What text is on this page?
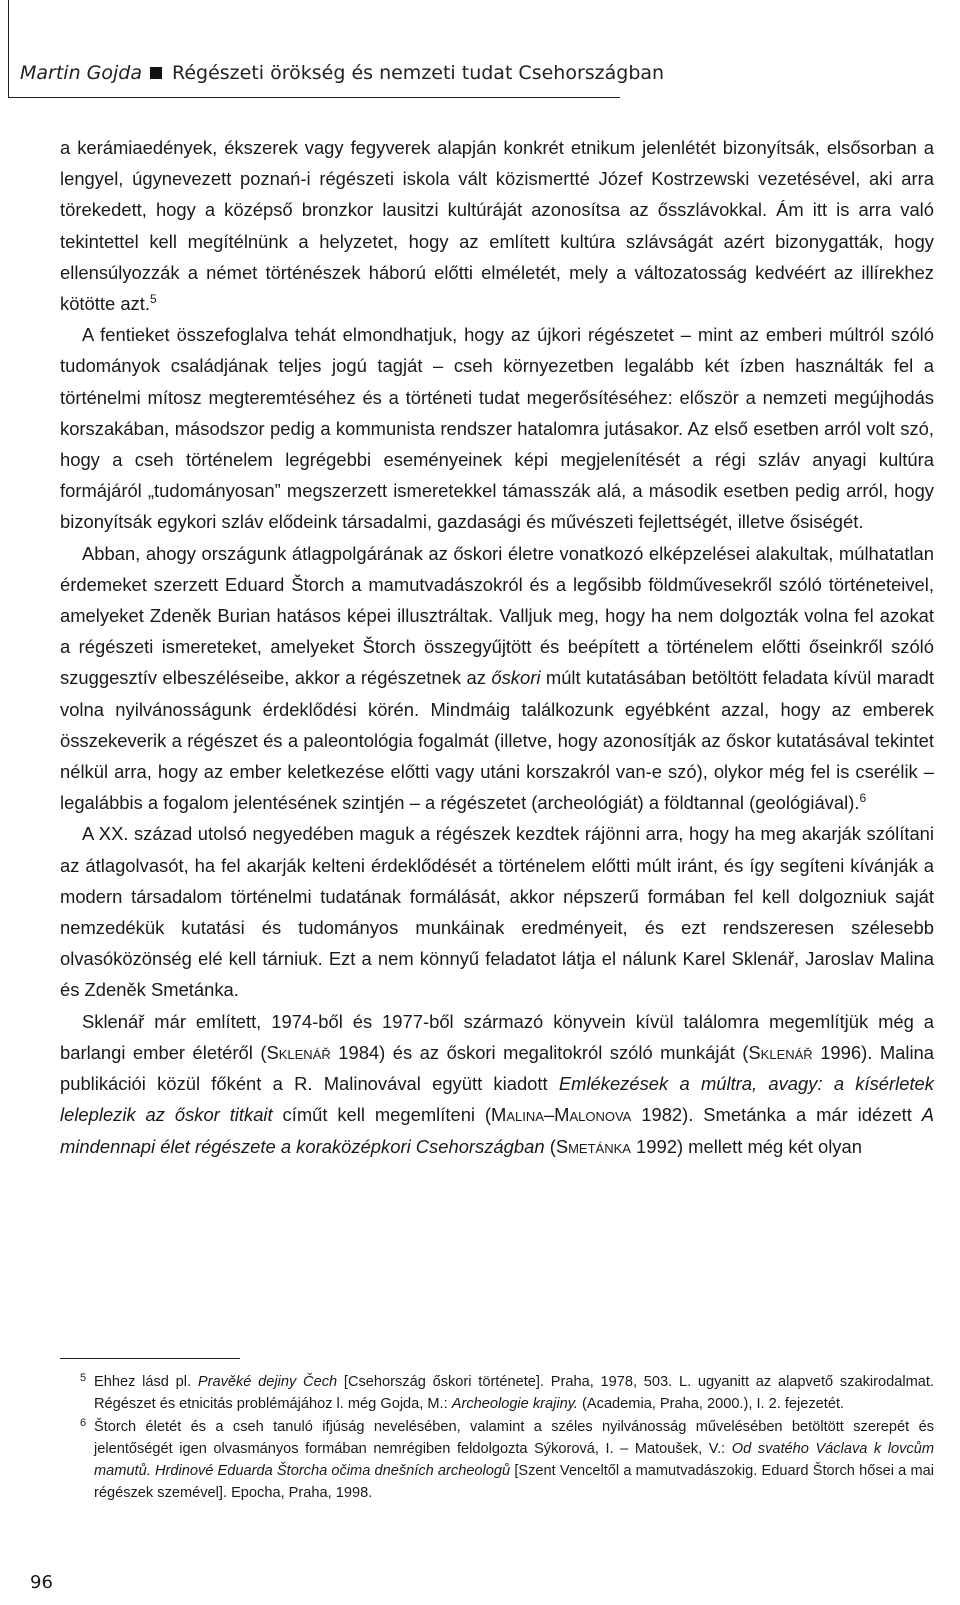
Martin Gojda Régészeti örökség és nemzeti tudat Csehországban

a kerámiaedények, ékszerek vagy fegyverek alapján konkrét etnikum jelenlétét bizonyítsák, elsősorban a lengyel, úgynevezett poznań-i régészeti iskola vált közismertté Józef Kostrzewski vezetésével, aki arra törekedett, hogy a középső bronzkor lausitzi kultúráját azonosítsa az ősszlávokkal. Ám itt is arra való tekintettel kell megítélnünk a helyzetet, hogy az említett kultúra szlávságát azért bizonygatták, hogy ellensúlyozzák a német történészek háború előtti elméletét, mely a változatosság kedvéért az illírekhez kötötte azt.$^5$

A fentieket összefoglalva tehát elmondhatjuk, hogy az újkori régészetet – mint az emberi múltról szóló tudományok családjának teljes jogú tagját – cseh környezetben legalább két ízben használták fel a történelmi mítosz megteremtéséhez és a történeti tudat megerősítéséhez: először a nemzeti megújhodás korszakában, másodszor pedig a kommunista rendszer hatalomra jutásakor. Az első esetben arról volt szó, hogy a cseh történelem legrégebbi eseményeinek képi megjelenítését a régi szláv anyagi kultúra formájáról „tudományosan” megszerzett ismeretekkel támasszák alá, a második esetben pedig arról, hogy bizonyítsák egykori szláv elődeink társadalmi, gazdasági és művészeti fejlettségét, illetve ősiségét.

Abban, ahogy országunk átlagpolgárának az őskori életre vonatkozó elképzelései alakultak, múlhatatlan érdemeket szerzett Eduard Štorch a mamutvadászokról és a legősibb földművesekről szóló történeteivel, amelyeket Zdeněk Burian hatásos képei illusztráltak. Valljuk meg, hogy ha nem dolgozták volna fel azokat a régészeti ismereteket, amelyeket Štorch összegyűjtött és beépített a történelem előtti őseinkről szóló szuggesztív elbeszéléseibe, akkor a régészetnek az őskori múlt kutatásában betöltött feladata kívül maradt volna nyilvánosságunk érdeklődési körén. Mindmáig találkozunk egyébként azzal, hogy az emberek összekeverik a régészet és a paleontológia fogalmát (illetve, hogy azonosítják az őskor kutatásával tekintet nélkül arra, hogy az ember keletkezése előtti vagy utáni korszakról van-e szó), olykor még fel is cserélik – legalábbis a fogalom jelentésének szintjén – a régészetet (archeológiát) a földtannal (geológiával).$^6$

A XX. század utolsó negyedében maguk a régészek kezdtek rájönni arra, hogy ha meg akarják szólítani az átlagolvasót, ha fel akarják kelteni érdeklődését a történelem előtti múlt iránt, és így segíteni kívánják a modern társadalom történelmi tudatának formálását, akkor népszerű formában fel kell dolgozniuk saját nemzedékük kutatási és tudományos munkáinak eredményeit, és ezt rendszeresen szélesebb olvasóközönség elé kell tárniuk. Ezt a nem könnyű feladatot látja el nálunk Karel Sklenář, Jaroslav Malina és Zdeněk Smetánka.

Sklenář már említett, 1974-ből és 1977-ből származó könyvein kívül találomra megemlítjük még a barlangi ember életéről (Sklenář 1984) és az őskori megalitokról szóló munkáját (Sklenář 1996). Malina publikációi közül főként a R. Malinovával együtt kiadott Emlékezések a múltra, avagy: a kísérletek leleplezik az őskor titkait címűt kell megemlíteni (Malina–Malonova 1982). Smetánka a már idézett A mindennapi élet régészete a koraközépkori Csehországban (Smetánka 1992) mellett még két olyan

5 Ehhez lásd pl. Pravěké dejiny Čech [Csehország őskori története]. Praha, 1978, 503. L. ugyanitt az alapvető szakirodalmat. Régészet és etnicitás problémájához l. még Gojda, M.: Archeologie krajiny. (Academia, Praha, 2000.), I. 2. fejezetét.

6 Štorch életét és a cseh tanuló ifjúság nevelésében, valamint a széles nyilvánosság művelésében betöltött szerepét és jelentőségét igen olvasmányos formában nemrégiben feldolgozta Sýkorová, I. – Matoušek, V.: Od svatého Václava k lovcům mamutů. Hrdinové Eduarda Štorcha očima dnešních archeologů [Szent Venceltől a mamutvadászokig. Eduard Štorch hősei a mai régészek szemével]. Epocha, Praha, 1998.

96
